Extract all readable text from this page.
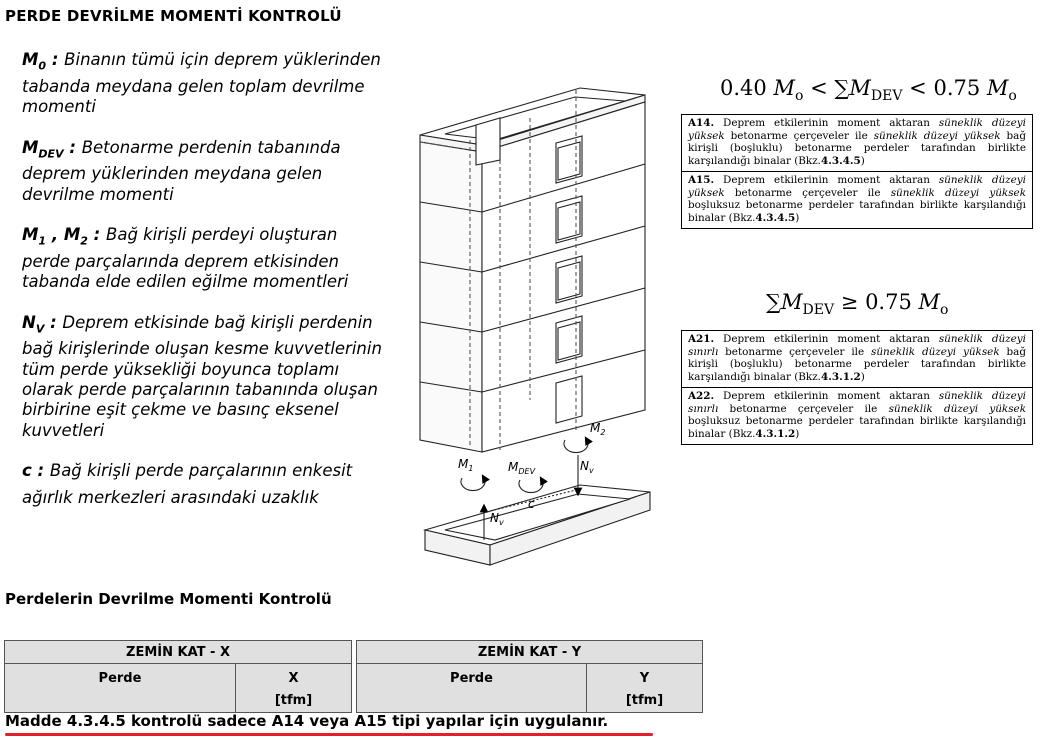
PERDE DEVRİLME MOMENTİ KONTROLÜ
$M_0$ : Binanın tümü için deprem yüklerinden tabanda meydana gelen toplam devrilme momenti
$M_{DEV}$ : Betonarme perdenin tabanında deprem yüklerinden meydana gelen devrilme momenti
$M_1$ , $M_2$ : Bağ kirişli perdeyi oluşturan perde parçalarında deprem etkisinden tabanda elde edilen eğilme momentleri
$N_V$ : Deprem etkisinde bağ kirişli perdenin bağ kirişlerinde oluşan kesme kuvvetlerinin tüm perde yüksekliği boyunca toplamı olarak perde parçalarının tabanında oluşan birbirine eşit çekme ve basınç eksenel kuvvetleri
c : Bağ kirişli perde parçalarının enkesit ağırlık merkezleri arasındaki uzaklık
$M_1$	$M_{DEV}$	$N_v$
$M_2$
c
$N_v$
0.40 $M_o < \sum M_{DEV} < 0.75$ $M_o$
A14. Deprem etkilerinin moment aktaran süneklik düzeyi yüksek betonarme çerçeveler ile süneklik düzeyi yüksek bağ kirişli (boşluklu) betonarme perdeler tarafından birlikte karşılandığı binalar (Bkz.4.3.4.5)
A15. Deprem etkilerinin moment aktaran süneklik düzeyi yüksek betonarme çerçeveler ile süneklik düzeyi yüksek boşluksuz betonarme perdeler tarafından birlikte karşılandığı binalar (Bkz.4.3.4.5)
$\sum M_{DEV} \ge 0.75$ $M_o$
A21. Deprem etkilerinin moment aktaran süneklik düzeyi sınırlı betonarme çerçeveler ile süneklik düzeyi yüksek bağ kirişli (boşluklu) betonarme perdeler tarafından birlikte karşılandığı binalar (Bkz.4.3.1.2)
A22. Deprem etkilerinin moment aktaran süneklik düzeyi sınırlı betonarme çerçeveler ile süneklik düzeyi yüksek boşluksuz betonarme perdeler tarafından birlikte karşılandığı binalar (Bkz.4.3.1.2)
Perdelerin Devrilme Momenti Kontrolü
ZEMİN KAT - X
Perde	X
[tfm]
ZEMİN KAT - Y
Perde	Y
[tfm]
Madde 4.3.4.5 kontrolü sadece A14 veya A15 tipi yapılar için uygulanır.
